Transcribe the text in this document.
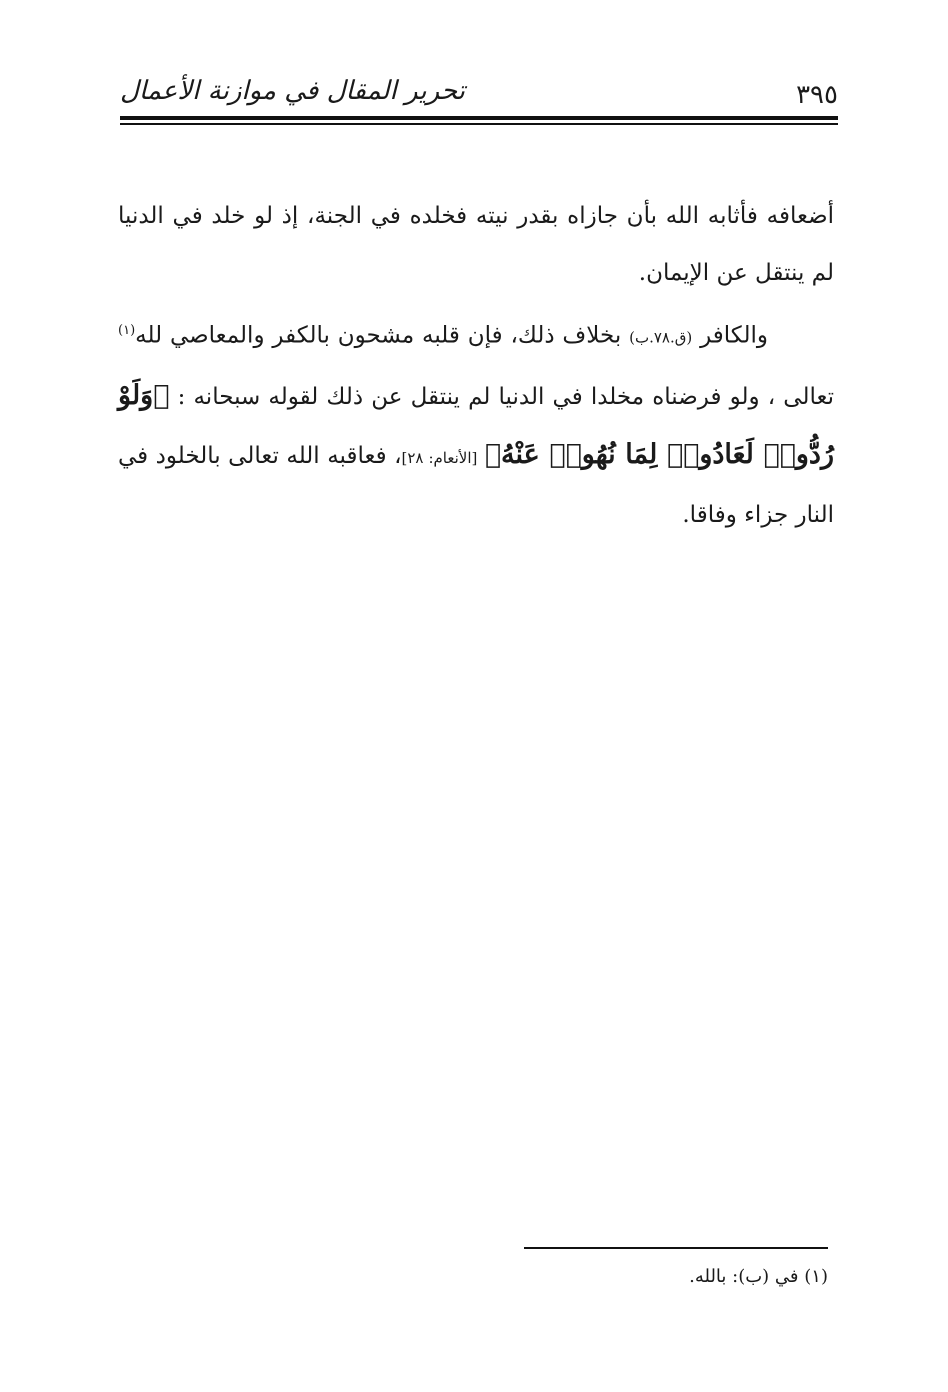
٣٩٥
تحرير المقال في موازنة الأعمال

أضعافه فأثابه الله بأن جازاه بقدر نيته فخلده في الجنة، إذ لو خلد في الدنيا لم ينتقل عن الإيمان.

والكافر (ق.٧٨.ب) بخلاف ذلك، فإن قلبه مشحون بالكفر والمعاصي لله$^{(١)}$ تعالى ، ولو فرضناه مخلدا في الدنيا لم ينتقل عن ذلك لقوله سبحانه : ﴿وَلَوْ رُدُّوا۟ لَعَادُوا۟ لِمَا نُهُوا۟ عَنْهُ﴾ [الأنعام: ٢٨]، فعاقبه الله تعالى بالخلود في النار جزاء وفاقا.

(١) في (ب): بالله.
